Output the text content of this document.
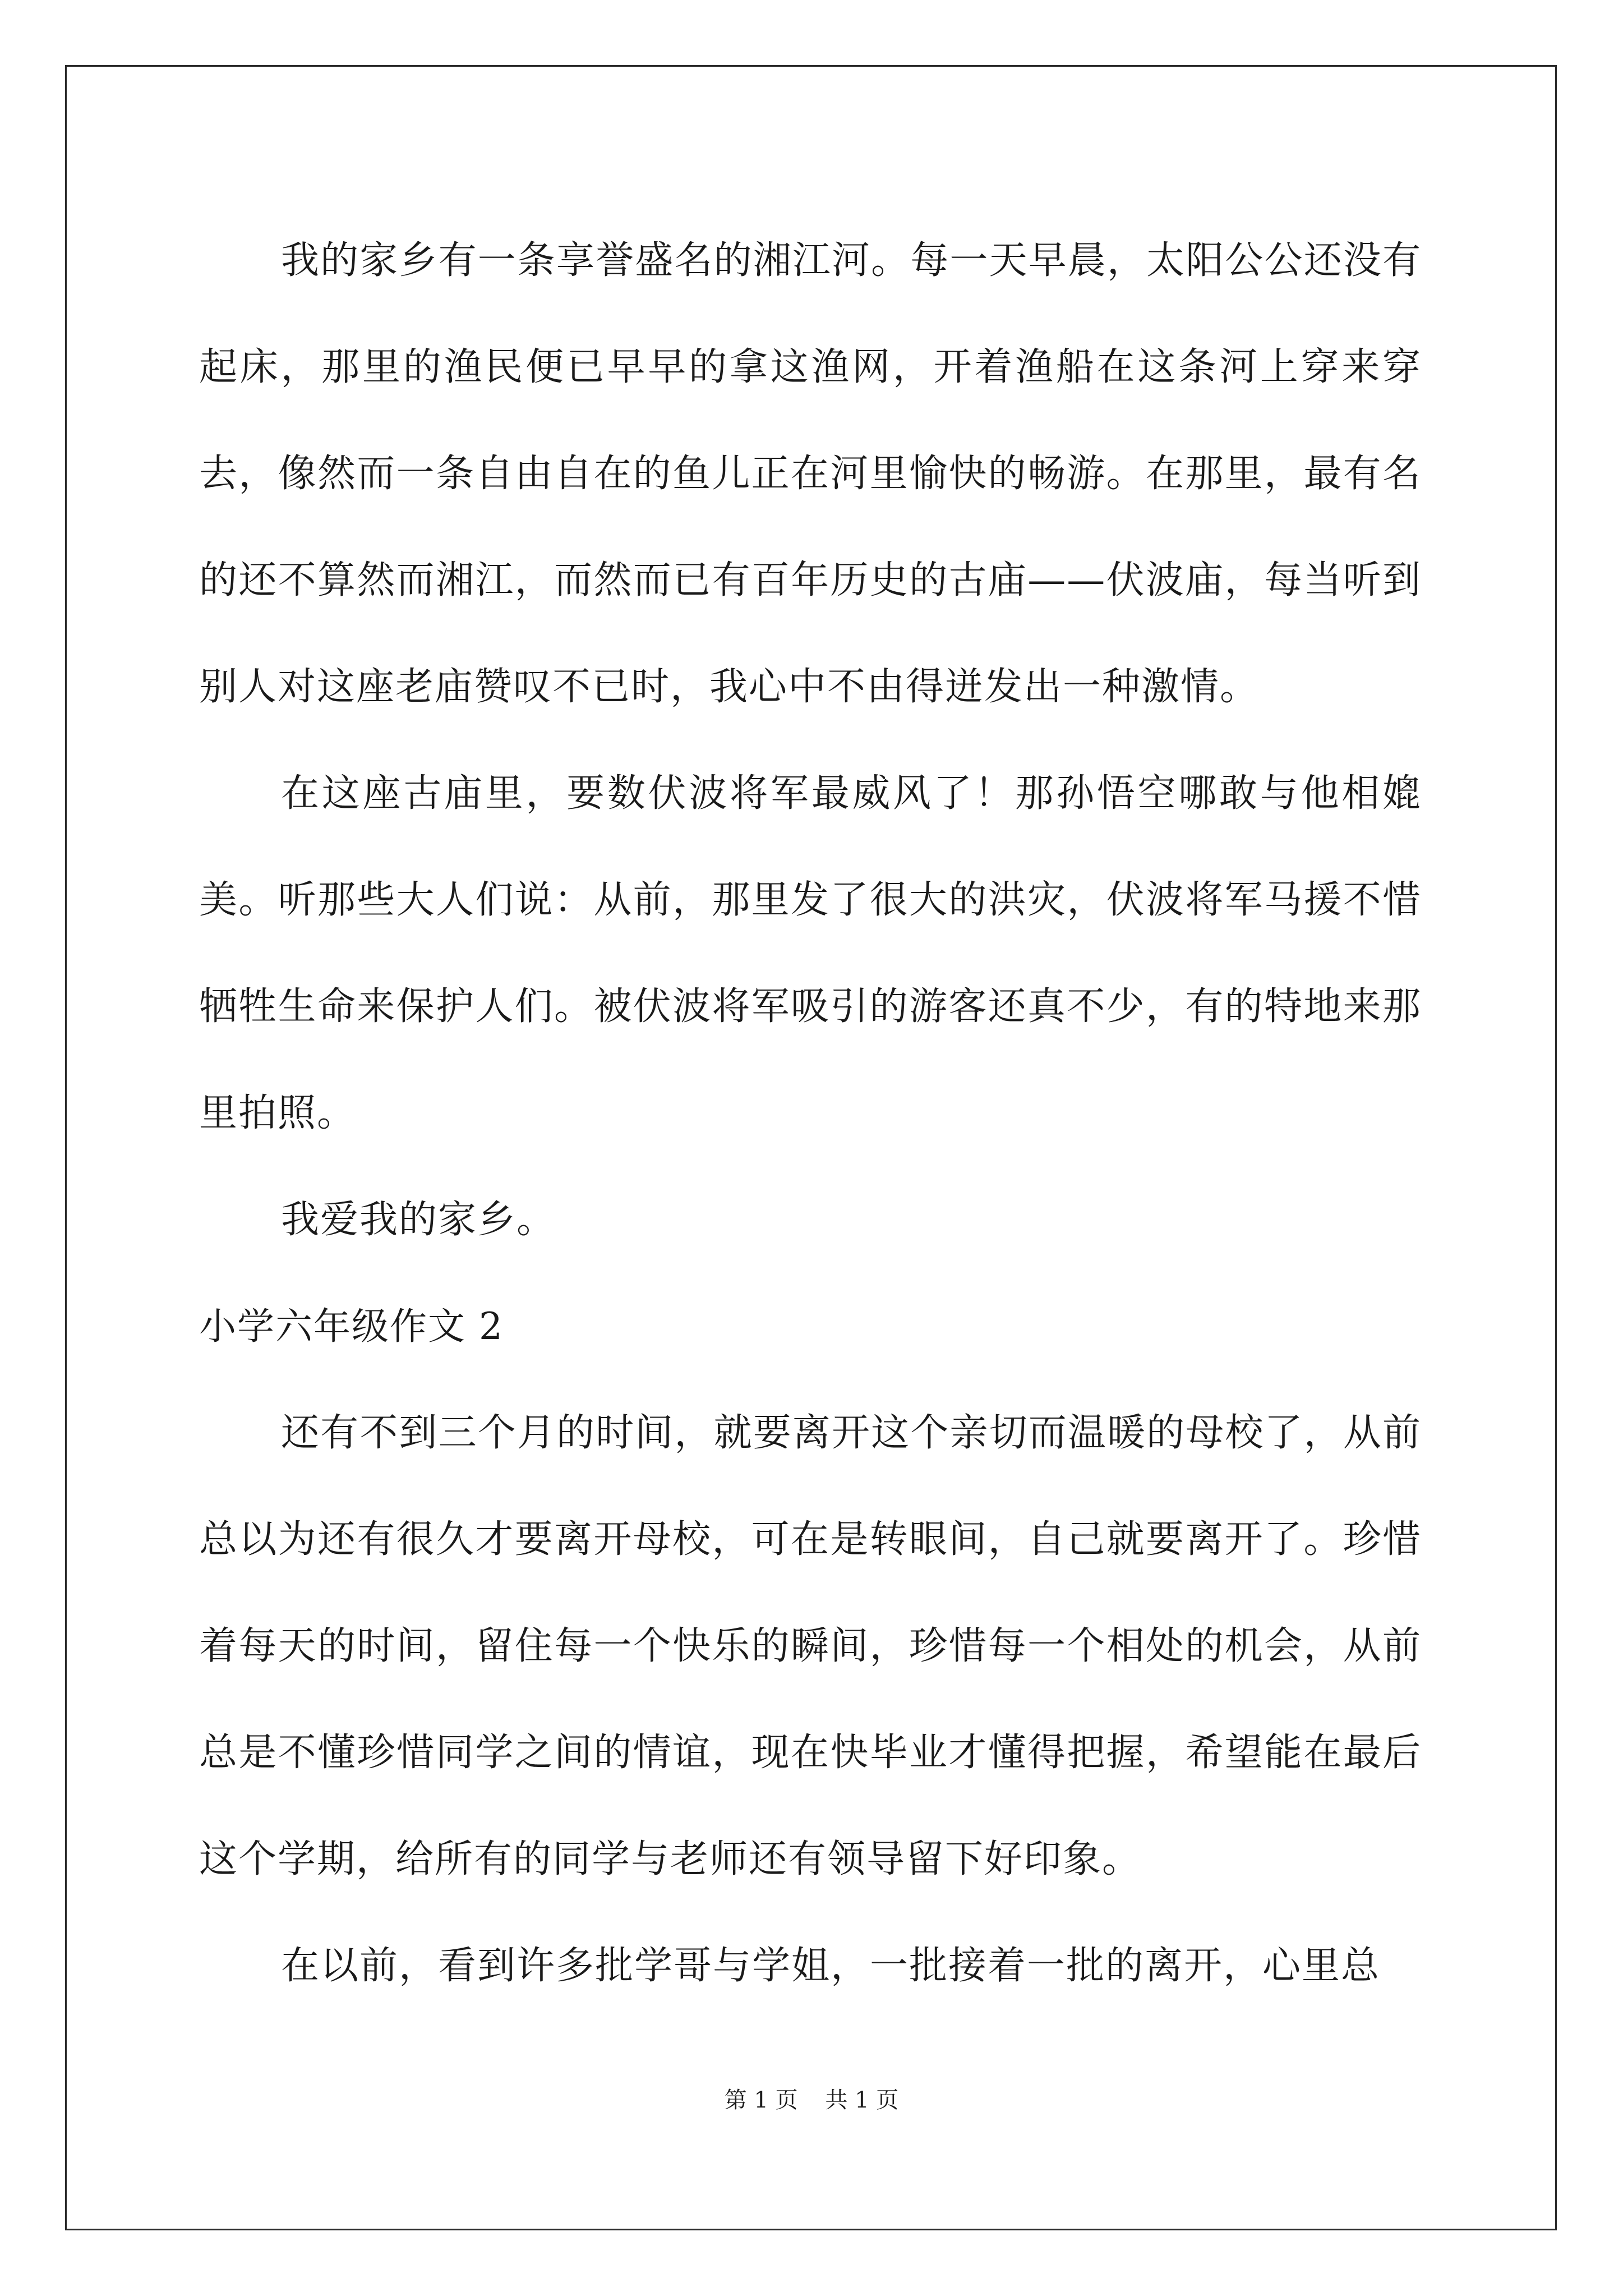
我的家乡有一条享誉盛名的湘江河。每一天早晨，太阳公公还没有起床，那里的渔民便已早早的拿这渔网，开着渔船在这条河上穿来穿去，像然而一条自由自在的鱼儿正在河里愉快的畅游。在那里，最有名的还不算然而湘江，而然而已有百年历史的古庙——伏波庙，每当听到别人对这座老庙赞叹不已时，我心中不由得迸发出一种激情。

在这座古庙里，要数伏波将军最威风了！那孙悟空哪敢与他相媲美。听那些大人们说：从前，那里发了很大的洪灾，伏波将军马援不惜牺牲生命来保护人们。被伏波将军吸引的游客还真不少，有的特地来那里拍照。

我爱我的家乡。

小学六年级作文 2

还有不到三个月的时间，就要离开这个亲切而温暖的母校了，从前总以为还有很久才要离开母校，可在是转眼间，自己就要离开了。珍惜着每天的时间，留住每一个快乐的瞬间，珍惜每一个相处的机会，从前总是不懂珍惜同学之间的情谊，现在快毕业才懂得把握，希望能在最后这个学期，给所有的同学与老师还有领导留下好印象。

在以前，看到许多批学哥与学姐，一批接着一批的离开，心里总

第 1 页 共 1 页
